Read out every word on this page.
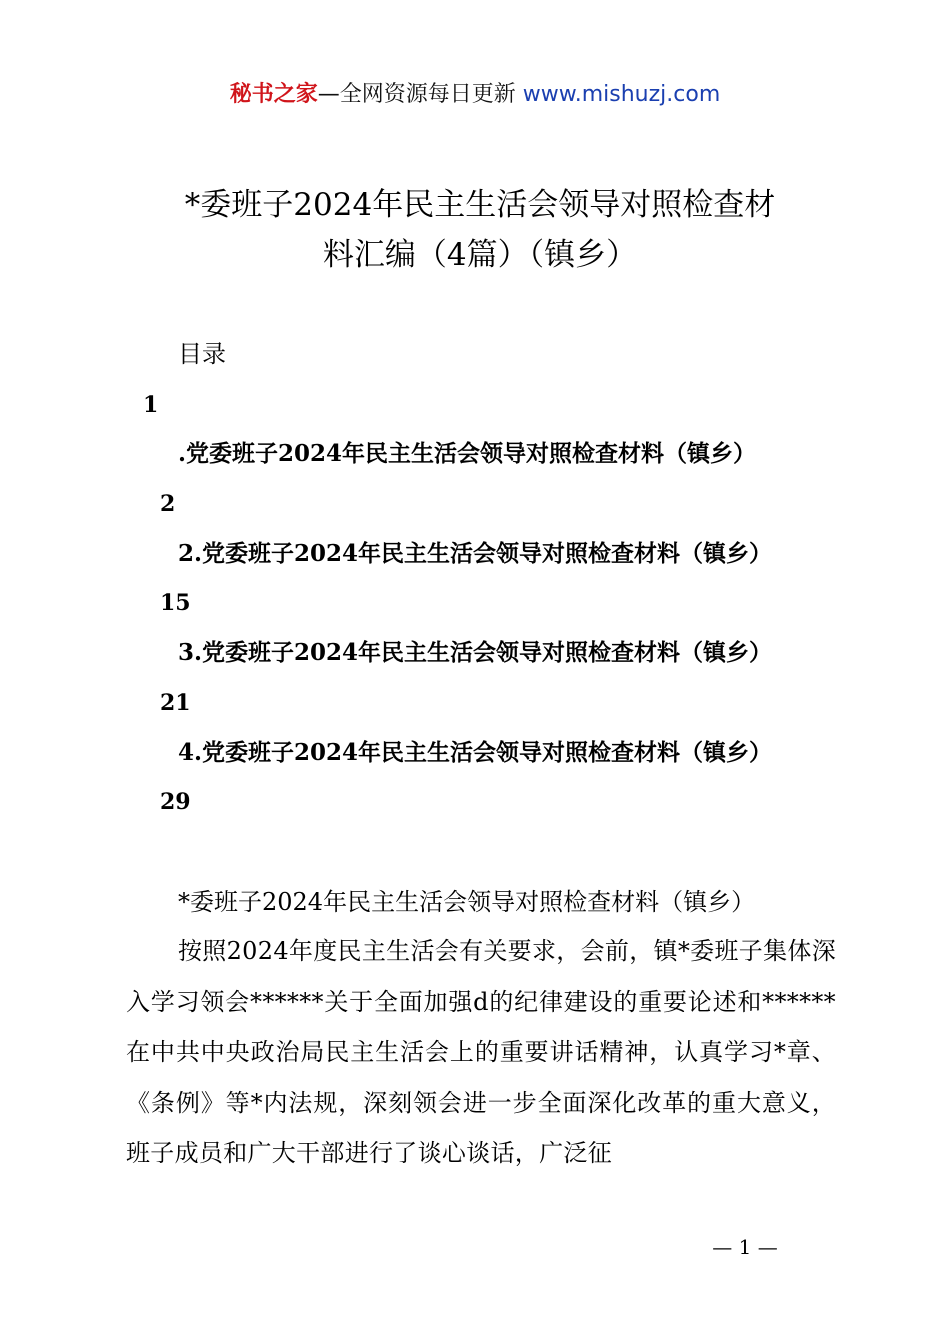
秘书之家—全网资源每日更新 www.mishuzj.com
*委班子2024年民主生活会领导对照检查材
料汇编（4篇）（镇乡）
目录
1
.党委班子2024年民主生活会领导对照检查材料（镇乡）
2
2.党委班子2024年民主生活会领导对照检查材料（镇乡）
15
3.党委班子2024年民主生活会领导对照检查材料（镇乡）
21
4.党委班子2024年民主生活会领导对照检查材料（镇乡）
29
*委班子2024年民主生活会领导对照检查材料（镇乡）
按照2024年度民主生活会有关要求，会前，镇*委班子集体深入学习领会******关于全面加强d的纪律建设的重要论述和******在中共中央政治局民主生活会上的重要讲话精神，认真学习*章、《条例》等*内法规，深刻领会进一步全面深化改革的重大意义，班子成员和广大干部进行了谈心谈话，广泛征
— 1 —
